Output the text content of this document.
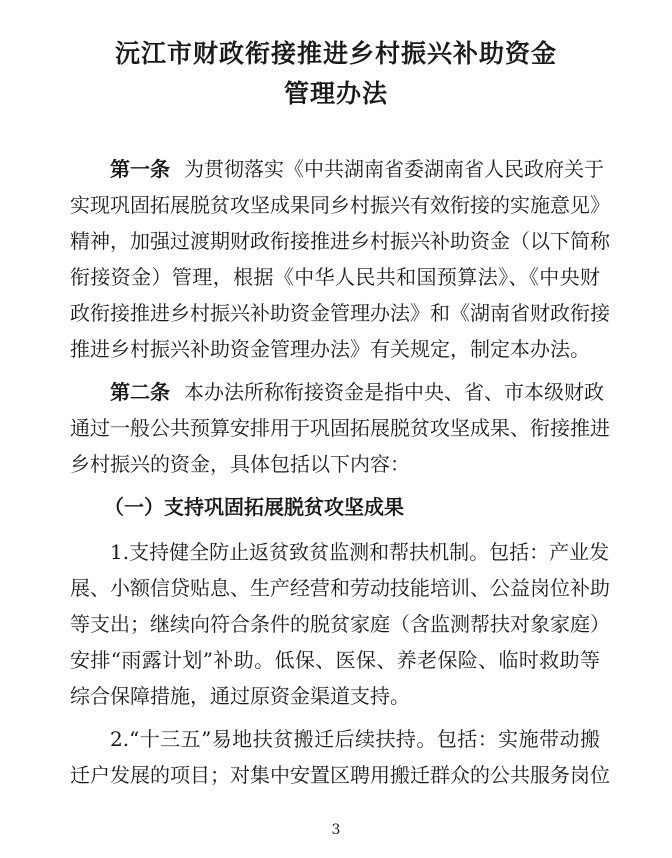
沅江市财政衔接推进乡村振兴补助资金
管理办法

第一条 为贯彻落实《中共湖南省委湖南省人民政府关于

实现巩固拓展脱贫攻坚成果同乡村振兴有效衔接的实施意见》

精神，加强过渡期财政衔接推进乡村振兴补助资金（以下简称

衔接资金）管理，根据《中华人民共和国预算法》、《中央财

政衔接推进乡村振兴补助资金管理办法》和《湖南省财政衔接

推进乡村振兴补助资金管理办法》有关规定，制定本办法。

第二条 本办法所称衔接资金是指中央、省、市本级财政

通过一般公共预算安排用于巩固拓展脱贫攻坚成果、衔接推进

乡村振兴的资金，具体包括以下内容：

（一）支持巩固拓展脱贫攻坚成果

1.支持健全防止返贫致贫监测和帮扶机制。包括：产业发

展、小额信贷贴息、生产经营和劳动技能培训、公益岗位补助

等支出；继续向符合条件的脱贫家庭（含监测帮扶对象家庭）

安排“雨露计划”补助。低保、医保、养老保险、临时救助等

综合保障措施，通过原资金渠道支持。

2.“十三五”易地扶贫搬迁后续扶持。包括：实施带动搬

迁户发展的项目；对集中安置区聘用搬迁群众的公共服务岗位

3
